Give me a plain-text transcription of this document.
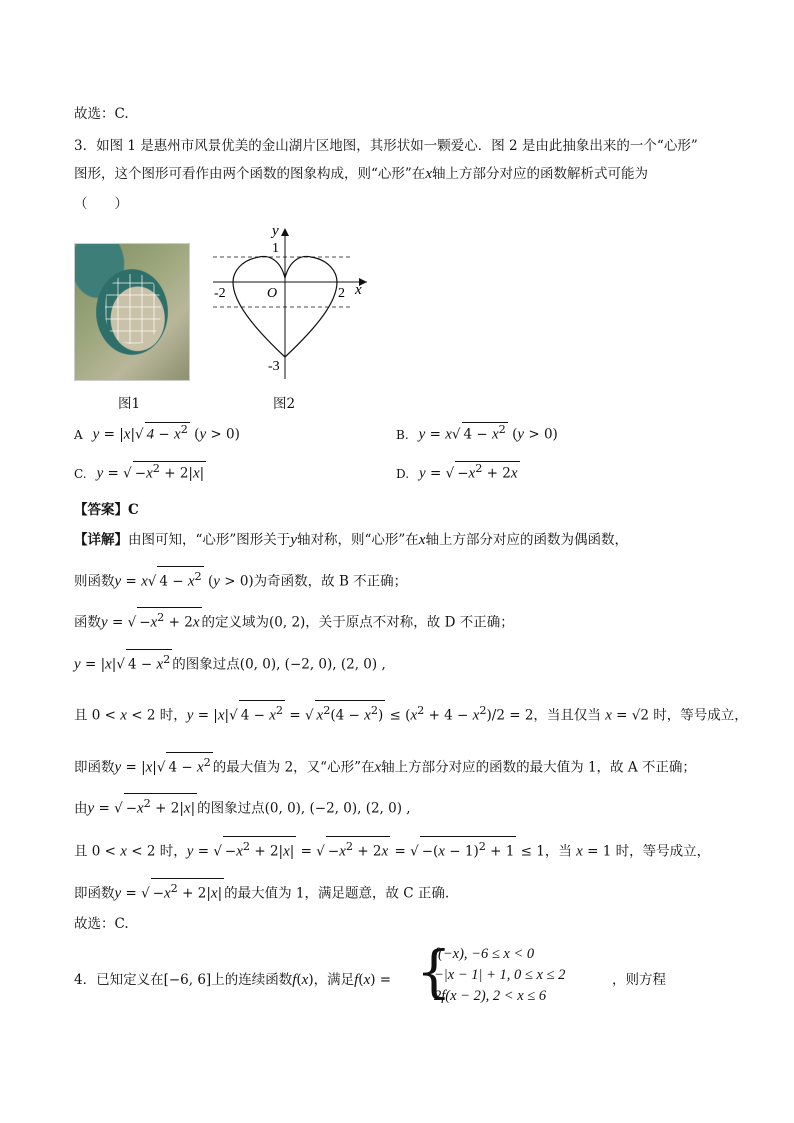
故选：C.
3．如图 1 是惠州市风景优美的金山湖片区地图，其形状如一颗爱心．图 2 是由此抽象出来的一个“心形”
图形，这个图形可看作由两个函数的图象构成，则“心形”在x轴上方部分对应的函数解析式可能为
（　　）
图1
1
-2	O	2 x
y
-3
图2
A y = |x|√ $4 - x^2$ (y > 0)	B. y = x√ $4 - x^2$ (y > 0)
C. y = √ $-x^2 + 2|x|$	D. y = √ $-x^2 + 2x$
【答案】C
【详解】由图可知，“心形”图形关于y轴对称，则“心形”在x轴上方部分对应的函数为偶函数，
则函数y = x√ $4 - x^2$ (y > 0)为奇函数，故 B 不正确；
函数y = √ $-x^2 + 2x$ 的定义域为(0, 2)，关于原点不对称，故 D 不正确；
y = |x|√ $4 - x^2$ 的图象过点(0, 0), (−2, 0), (2, 0) ,
且 0 < x < 2 时，y = |x|√ $4 - x^2$ = √ $x^2(4 - x^2) \le (x^2 + 4 - x^2)/2 = 2$，当且仅当 x = √2 时，等号成立，
即函数y = |x|√ $4 - x^2$ 的最大值为 2，又“心形”在x轴上方部分对应的函数的最大值为 1，故 A 不正确；
由y = √ $-x^2 + 2|x|$ 的图象过点(0, 0), (−2, 0), (2, 0) ,
且 0 < x < 2 时，y = √ $-x^2 + 2|x|$ = √ $-x^2 + 2x$ = √ $-(x - 1)^2 + 1 \le 1$，当 x = 1 时，等号成立，
即函数y = √ $-x^2 + 2|x|$ 的最大值为 1，满足题意，故 C 正确.
故选：C.
4．已知定义在[−6, 6]上的连续函数f(x)，满足f(x) = {
f(−x), −6 ≤ x < 0
−|x − 1| + 1, 0 ≤ x ≤ 2
2f(x − 2), 2 < x ≤ 6
，则方程
